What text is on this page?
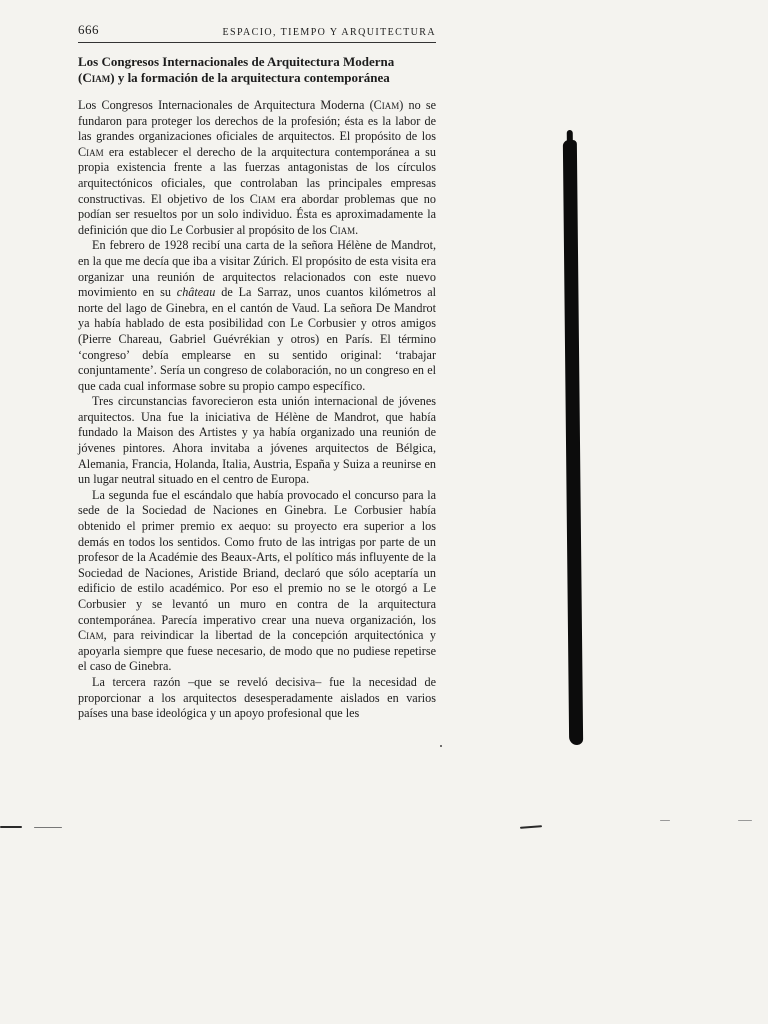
666	ESPACIO, TIEMPO Y ARQUITECTURA
Los Congresos Internacionales de Arquitectura Moderna
(Ciam) y la formación de la arquitectura contemporánea

Los Congresos Internacionales de Arquitectura Moderna (Ciam) no se fundaron para proteger los derechos de la profesión; ésta es la labor de las grandes organizaciones oficiales de arquitectos. El propósito de los Ciam era establecer el derecho de la arquitectura contemporánea a su propia existencia frente a las fuerzas antagonistas de los círculos arquitectónicos oficiales, que controlaban las principales empresas constructivas. El objetivo de los Ciam era abordar problemas que no podían ser resueltos por un solo individuo. Ésta es aproximadamente la definición que dio Le Corbusier al propósito de los Ciam.

En febrero de 1928 recibí una carta de la señora Hélène de Mandrot, en la que me decía que iba a visitar Zúrich. El propósito de esta visita era organizar una reunión de arquitectos relacionados con este nuevo movimiento en su château de La Sarraz, unos cuantos kilómetros al norte del lago de Ginebra, en el cantón de Vaud. La señora De Mandrot ya había hablado de esta posibilidad con Le Corbusier y otros amigos (Pierre Chareau, Gabriel Guévrékian y otros) en París. El término ‘congreso’ debía emplearse en su sentido original: ‘trabajar conjuntamente’. Sería un congreso de colaboración, no un congreso en el que cada cual informase sobre su propio campo específico.

Tres circunstancias favorecieron esta unión internacional de jóvenes arquitectos. Una fue la iniciativa de Hélène de Mandrot, que había fundado la Maison des Artistes y ya había organizado una reunión de jóvenes pintores. Ahora invitaba a jóvenes arquitectos de Bélgica, Alemania, Francia, Holanda, Italia, Austria, España y Suiza a reunirse en un lugar neutral situado en el centro de Europa.

La segunda fue el escándalo que había provocado el concurso para la sede de la Sociedad de Naciones en Ginebra. Le Corbusier había obtenido el primer premio ex aequo: su proyecto era superior a los demás en todos los sentidos. Como fruto de las intrigas por parte de un profesor de la Académie des Beaux-Arts, el político más influyente de la Sociedad de Naciones, Aristide Briand, declaró que sólo aceptaría un edificio de estilo académico. Por eso el premio no se le otorgó a Le Corbusier y se levantó un muro en contra de la arquitectura contemporánea. Parecía imperativo crear una nueva organización, los Ciam, para reivindicar la libertad de la concepción arquitectónica y apoyarla siempre que fuese necesario, de modo que no pudiese repetirse el caso de Ginebra.

La tercera razón –que se reveló decisiva– fue la necesidad de proporcionar a los arquitectos desesperadamente aislados en varios países una base ideológica y un apoyo profesional que les
